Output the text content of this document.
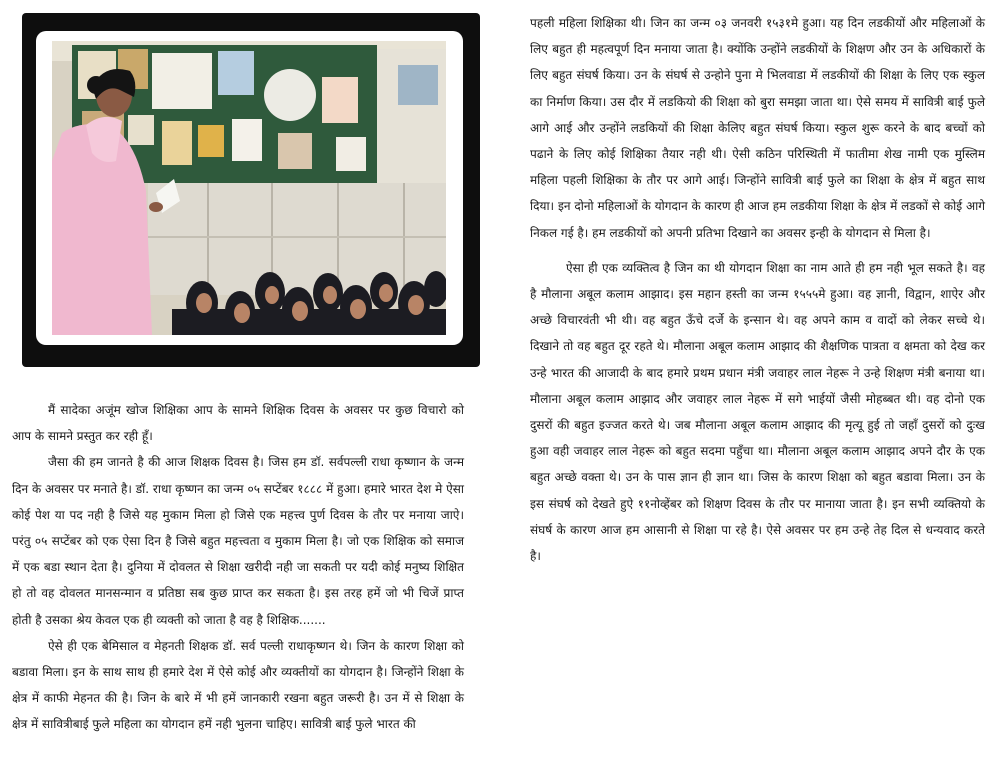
मैं सादेका अजूंम खोज शिक्षिका आप के सामने शिक्षिक दिवस के अवसर पर कुछ विचारो को आप के सामने प्रस्तुत कर रही हूँ।

जैसा की हम जानते है की आज शिक्षक दिवस है। जिस हम डॉ. सर्वपल्ली राधा कृष्णान के जन्म दिन के अवसर पर मनाते है। डॉ. राधा कृष्णन का जन्म ०५ सप्टेंबर १८८८ में हुआ। हमारे भारत देश मे ऐसा कोई पेश या पद नही है जिसे यह मुकाम मिला हो जिसे एक महत्त्व पुर्ण दिवस के तौर पर मनाया जाऐ। परंतु ०५ सप्टेंबर को एक ऐसा दिन है जिसे बहुत महत्त्वता व मुकाम मिला है। जो एक शिक्षिक को समाज में एक बडा स्थान देता है। दुनिया में दोवलत से शिक्षा खरीदी नही जा सकती पर यदी कोई मनुष्य शिक्षित हो तो वह दोवलत मानसन्मान व प्रतिष्ठा सब कुछ प्राप्त कर सकता है। इस तरह हमें जो भी चिजें प्राप्त होती है उसका श्रेय केवल एक ही व्यक्ती को जाता है वह है शिक्षिक.......

ऐसे ही एक बेमिसाल व मेहनती शिक्षक डॉ. सर्व पल्ली राधाकृष्णन थे। जिन के कारण शिक्षा को बडावा मिला। इन के साथ साथ ही हमारे देश में ऐसे कोई और व्यक्तीयों का योगदान है। जिन्होंने शिक्षा के क्षेत्र में काफी मेहनत की है। जिन के बारे में भी हमें जानकारी रखना बहुत जरूरी है। उन में से शिक्षा के क्षेत्र में सावित्रीबाई फुले महिला का योगदान हमें नही भुलना चाहिए। सावित्री बाई फुले भारत की

पहली महिला शिक्षिका थी। जिन का जन्म ०३ जनवरी १५३१मे हुआ। यह दिन लडकीयों और महिलाओं के लिए बहुत ही महत्वपूर्ण दिन मनाया जाता है। क्योंकि उन्होंने लडकीयों के शिक्षण और उन के अधिकारों के लिए बहुत संघर्ष किया। उन के संघर्ष से उन्होने पुना मे भिलवाडा में लडकीयों की शिक्षा के लिए एक स्कुल का निर्माण किया। उस दौर में लडकियो की शिक्षा को बुरा समझा जाता था। ऐसे समय में सावित्री बाई फुले आगे आई और उन्होंने लडकियों की शिक्षा केलिए बहुत संघर्ष किया। स्कुल शुरू करने के बाद बच्चों को पढाने के लिए कोई शिक्षिका तैयार नही थी। ऐसी कठिन परिस्थिती में फातीमा शेख नामी एक मुस्लिम महिला पहली शिक्षिका के तौर पर आगे आई। जिन्होंने सावित्री बाई फुले का शिक्षा के क्षेत्र में बहुत साथ दिया। इन दोनो महिलाओं के योगदान के कारण ही आज हम लडकीया शिक्षा के क्षेत्र में लडकों से कोई आगे निकल गई है। हम लडकीयों को अपनी प्रतिभा दिखाने का अवसर इन्ही के योगदान से मिला है।

ऐसा ही एक व्यक्तित्व है जिन का थी योगदान शिक्षा का नाम आते ही हम नही भूल सकते है। वह है मौलाना अबूल कलाम आझाद। इस महान हस्ती का जन्म १५५५मे हुआ। वह ज्ञानी, विद्वान, शाऐर और अच्छे विचारवंती भी थी। वह बहुत ऊँचे दर्जे के इन्सान थे। वह अपने काम व वादों को लेकर सच्चे थे। दिखाने तो वह बहुत दूर रहते थे। मौलाना अबूल कलाम आझाद की शैक्षणिक पात्रता व क्षमता को देख कर उन्हे भारत की आजादी के बाद हमारे प्रथम प्रधान मंत्री जवाहर लाल नेहरू ने उन्हे शिक्षण मंत्री बनाया था। मौलाना अबूल कलाम आझाद और जवाहर लाल नेहरू में सगे भाईयों जैसी मोहब्बत थी। वह दोनो एक दुसरों की बहुत इज्जत करते थे। जब मौलाना अबूल कलाम आझाद की मृत्यू हुई तो जहाँ दुसरों को दुःख हुआ वही जवाहर लाल नेहरू को बहुत सदमा पहुँचा था। मौलाना अबूल कलाम आझाद अपने दौर के एक बहुत अच्छे वक्ता थे। उन के पास ज्ञान ही ज्ञान था। जिस के कारण शिक्षा को बहुत बडावा मिला। उन के इस संघर्ष को देखते हुऐ ११नोव्हेंबर को शिक्षण दिवस के तौर पर मानाया जाता है। इन सभी व्यक्तियो के संघर्ष के कारण आज हम आसानी से शिक्षा पा रहे है। ऐसे अवसर पर हम उन्हे तेह दिल से धन्यवाद करते है।
